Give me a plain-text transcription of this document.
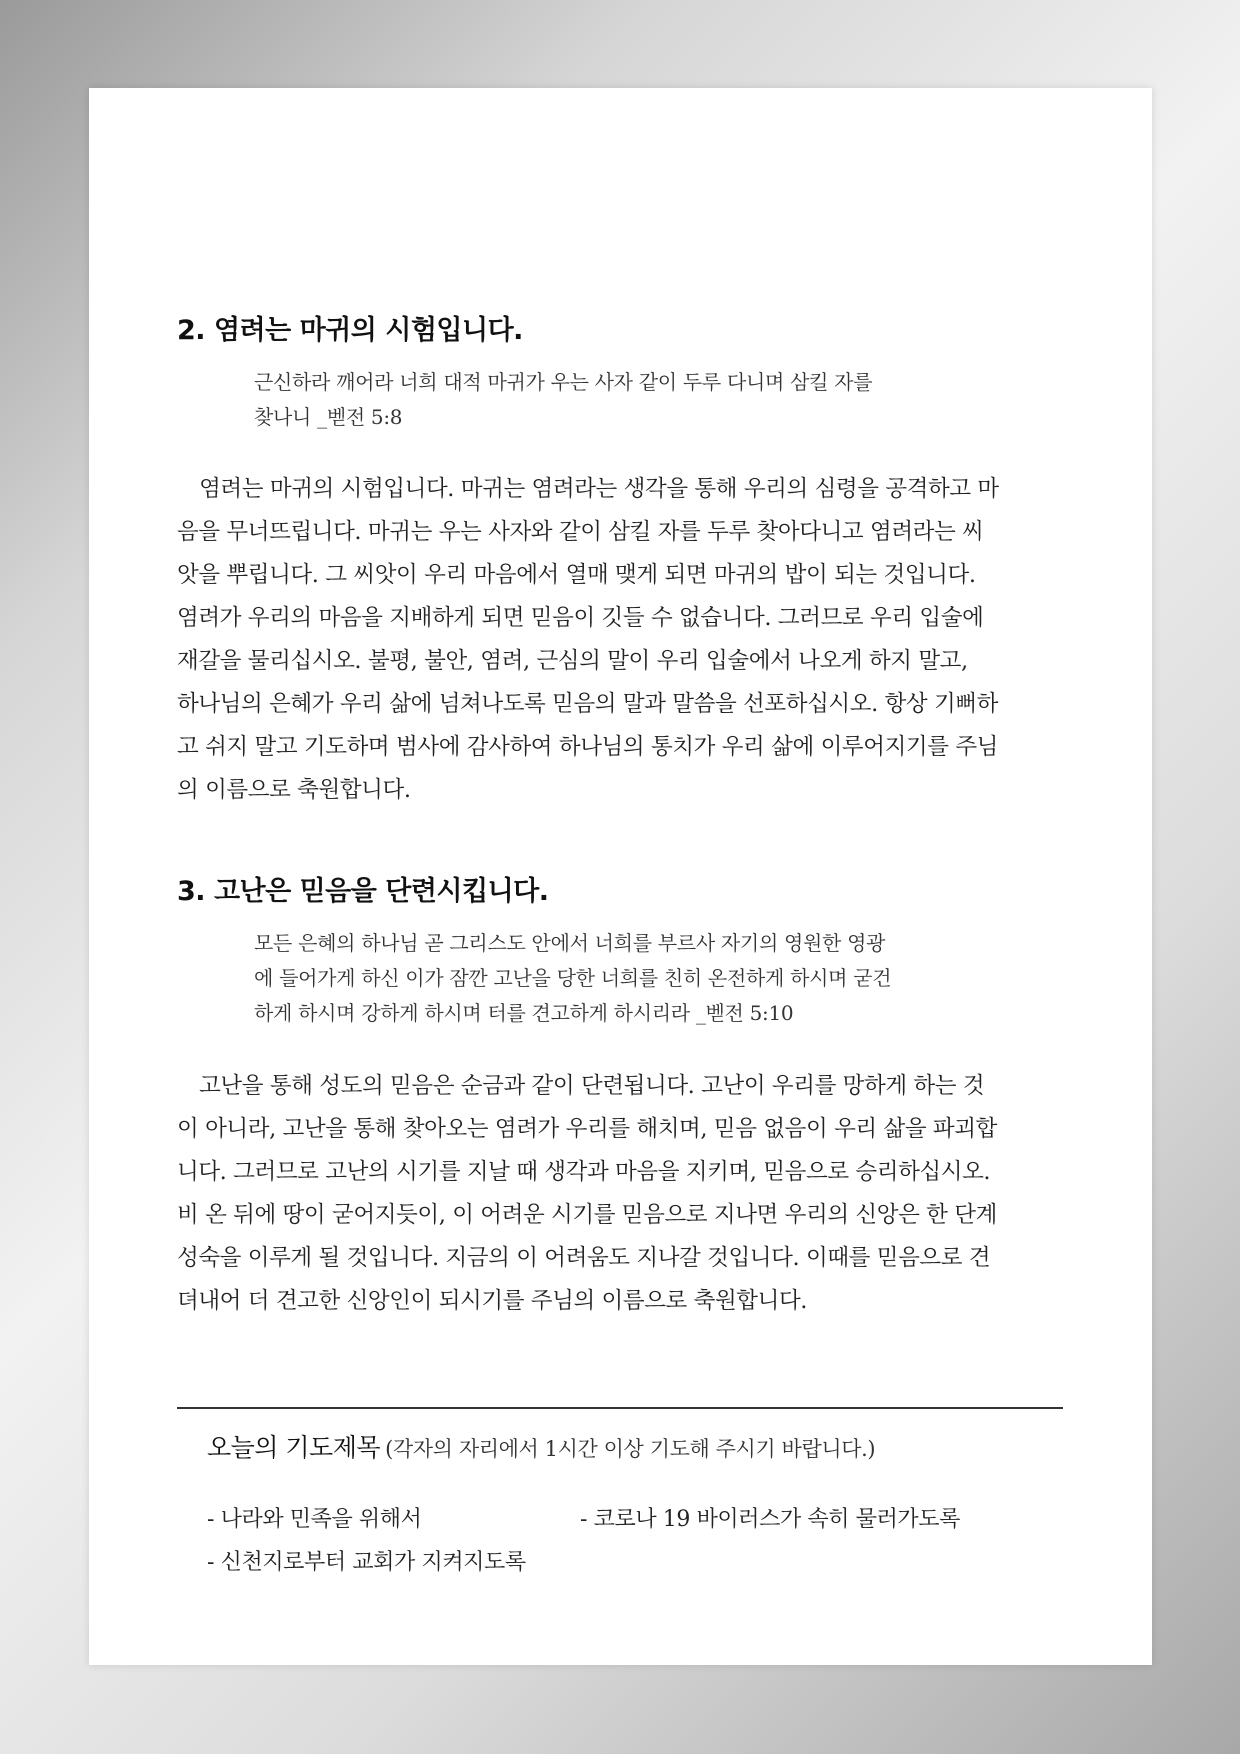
2. 염려는 마귀의 시험입니다.
근신하라 깨어라 너희 대적 마귀가 우는 사자 같이 두루 다니며 삼킬 자를
찾나니 _벧전 5:8
　염려는 마귀의 시험입니다. 마귀는 염려라는 생각을 통해 우리의 심령을 공격하고 마
음을 무너뜨립니다. 마귀는 우는 사자와 같이 삼킬 자를 두루 찾아다니고 염려라는 씨
앗을 뿌립니다. 그 씨앗이 우리 마음에서 열매 맺게 되면 마귀의 밥이 되는 것입니다.
염려가 우리의 마음을 지배하게 되면 믿음이 깃들 수 없습니다. 그러므로 우리 입술에
재갈을 물리십시오. 불평, 불안, 염려, 근심의 말이 우리 입술에서 나오게 하지 말고,
하나님의 은혜가 우리 삶에 넘쳐나도록 믿음의 말과 말씀을 선포하십시오. 항상 기뻐하
고 쉬지 말고 기도하며 범사에 감사하여 하나님의 통치가 우리 삶에 이루어지기를 주님
의 이름으로 축원합니다.
3. 고난은 믿음을 단련시킵니다.
모든 은혜의 하나님 곧 그리스도 안에서 너희를 부르사 자기의 영원한 영광
에 들어가게 하신 이가 잠깐 고난을 당한 너희를 친히 온전하게 하시며 굳건
하게 하시며 강하게 하시며 터를 견고하게 하시리라 _벧전 5:10
　고난을 통해 성도의 믿음은 순금과 같이 단련됩니다. 고난이 우리를 망하게 하는 것
이 아니라, 고난을 통해 찾아오는 염려가 우리를 해치며, 믿음 없음이 우리 삶을 파괴합
니다. 그러므로 고난의 시기를 지날 때 생각과 마음을 지키며, 믿음으로 승리하십시오.
비 온 뒤에 땅이 굳어지듯이, 이 어려운 시기를 믿음으로 지나면 우리의 신앙은 한 단계
성숙을 이루게 될 것입니다. 지금의 이 어려움도 지나갈 것입니다. 이때를 믿음으로 견
뎌내어 더 견고한 신앙인이 되시기를 주님의 이름으로 축원합니다.
오늘의 기도제목 (각자의 자리에서 1시간 이상 기도해 주시기 바랍니다.)
- 나라와 민족을 위해서	- 코로나 19 바이러스가 속히 물러가도록
- 신천지로부터 교회가 지켜지도록
